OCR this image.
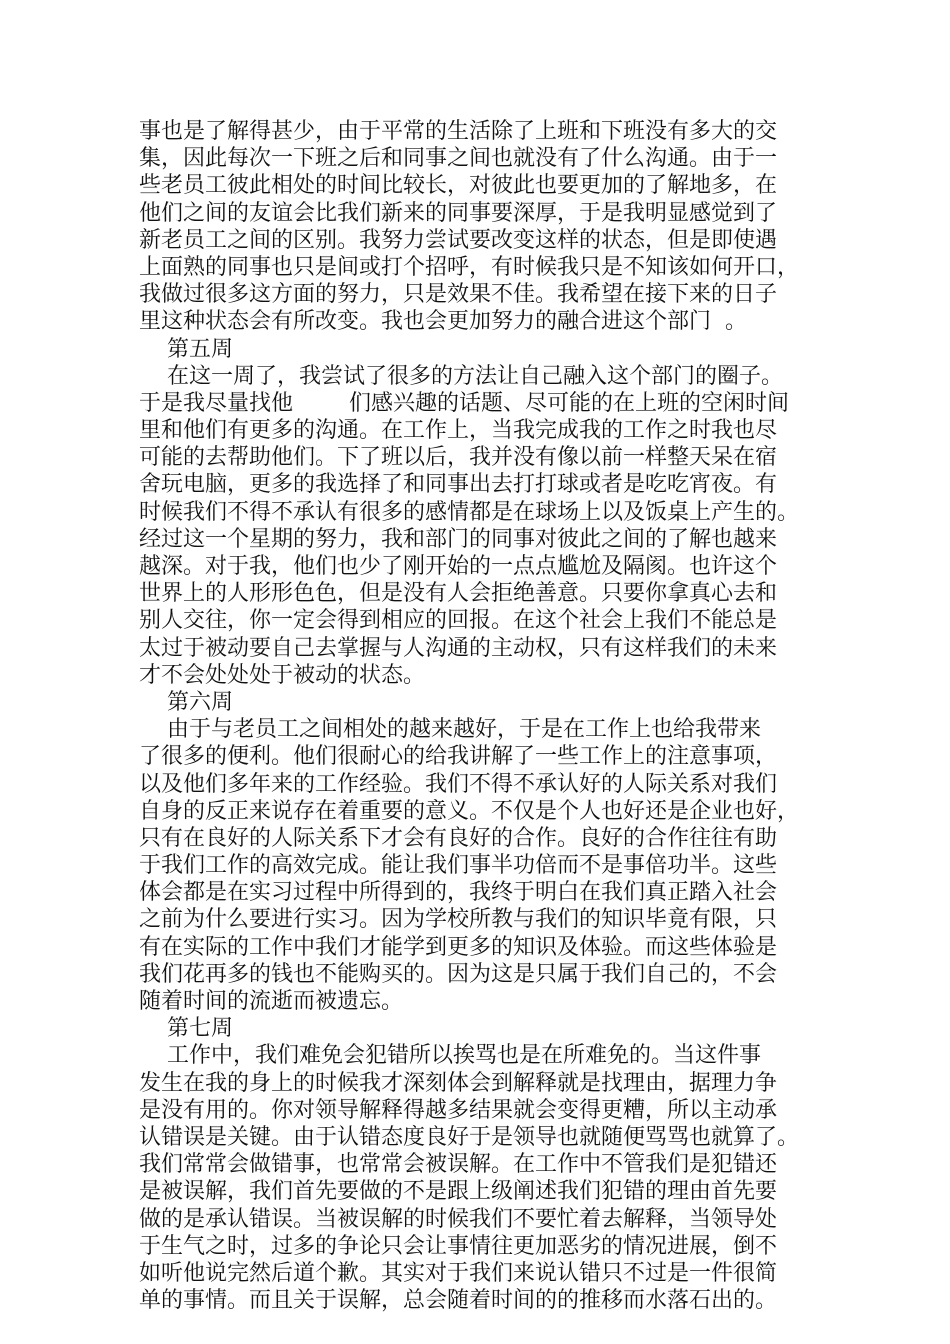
事也是了解得甚少，由于平常的生活除了上班和下班没有多大的交
集，因此每次一下班之后和同事之间也就没有了什么沟通。由于一
些老员工彼此相处的时间比较长，对彼此也要更加的了解地多，在
他们之间的友谊会比我们新来的同事要深厚，于是我明显感觉到了
新老员工之间的区别。我努力尝试要改变这样的状态，但是即使遇
上面熟的同事也只是间或打个招呼，有时候我只是不知该如何开口，
我做过很多这方面的努力，只是效果不佳。我希望在接下来的日子
里这种状态会有所改变。我也会更加努力的融合进这个部门  。
第五周
在这一周了，我尝试了很多的方法让自己融入这个部门的圈子。
于是我尽量找他        们感兴趣的话题、尽可能的在上班的空闲时间
里和他们有更多的沟通。在工作上，当我完成我的工作之时我也尽
可能的去帮助他们。下了班以后，我并没有像以前一样整天呆在宿
舍玩电脑，更多的我选择了和同事出去打打球或者是吃吃宵夜。有
时候我们不得不承认有很多的感情都是在球场上以及饭桌上产生的。
经过这一个星期的努力，我和部门的同事对彼此之间的了解也越来
越深。对于我，他们也少了刚开始的一点点尴尬及隔阂。也许这个
世界上的人形形色色，但是没有人会拒绝善意。只要你拿真心去和
别人交往，你一定会得到相应的回报。在这个社会上我们不能总是
太过于被动要自己去掌握与人沟通的主动权，只有这样我们的未来
才不会处处处于被动的状态。
第六周
由于与老员工之间相处的越来越好，于是在工作上也给我带来
了很多的便利。他们很耐心的给我讲解了一些工作上的注意事项，
以及他们多年来的工作经验。我们不得不承认好的人际关系对我们
自身的反正来说存在着重要的意义。不仅是个人也好还是企业也好，
只有在良好的人际关系下才会有良好的合作。良好的合作往往有助
于我们工作的高效完成。能让我们事半功倍而不是事倍功半。这些
体会都是在实习过程中所得到的，我终于明白在我们真正踏入社会
之前为什么要进行实习。因为学校所教与我们的知识毕竟有限，只
有在实际的工作中我们才能学到更多的知识及体验。而这些体验是
我们花再多的钱也不能购买的。因为这是只属于我们自己的，不会
随着时间的流逝而被遗忘。
第七周
工作中，我们难免会犯错所以挨骂也是在所难免的。当这件事
发生在我的身上的时候我才深刻体会到解释就是找理由，据理力争
是没有用的。你对领导解释得越多结果就会变得更糟，所以主动承
认错误是关键。由于认错态度良好于是领导也就随便骂骂也就算了。
我们常常会做错事，也常常会被误解。在工作中不管我们是犯错还
是被误解，我们首先要做的不是跟上级阐述我们犯错的理由首先要
做的是承认错误。当被误解的时候我们不要忙着去解释，当领导处
于生气之时，过多的争论只会让事情往更加恶劣的情况进展，倒不
如听他说完然后道个歉。其实对于我们来说认错只不过是一件很简
单的事情。而且关于误解，总会随着时间的的推移而水落石出的。
